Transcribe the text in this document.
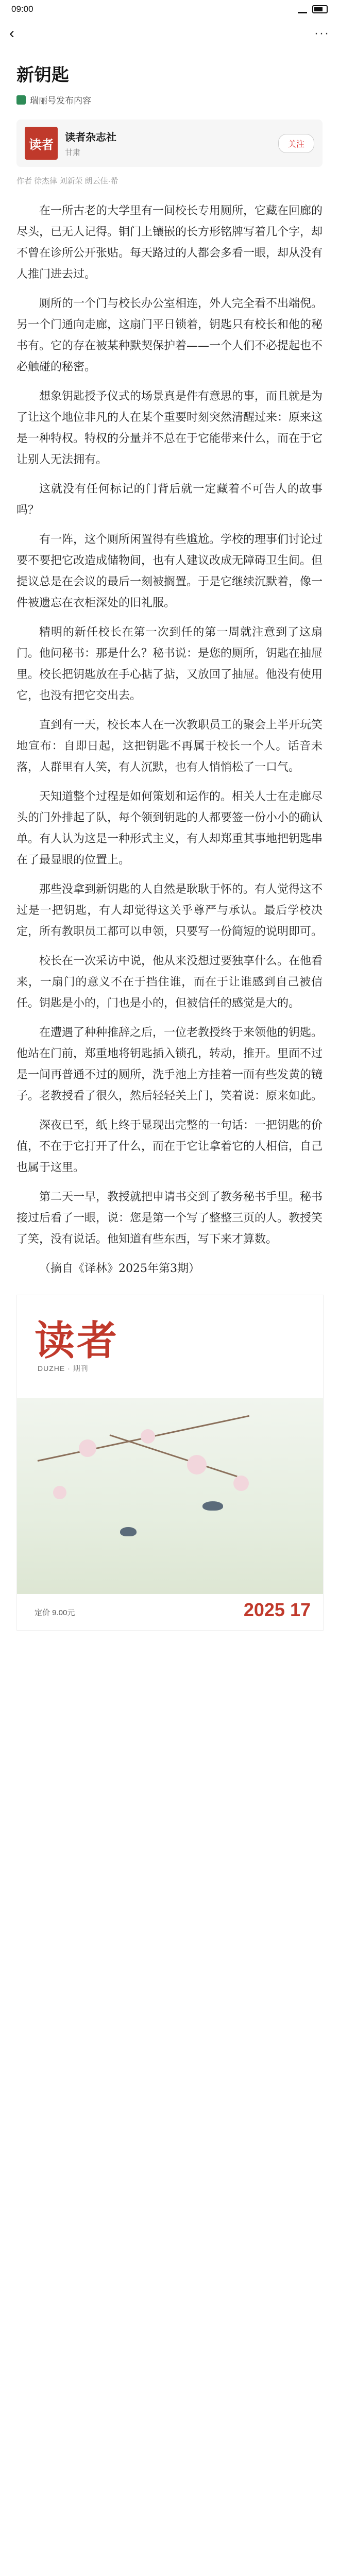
09:00
‹	···
新钥匙
瑞丽号发布内容
读者	读者杂志社
甘肃
关注
作者 徐杰律 刘新荣 朗云佳·希

在一所古老的大学里有一间校长专用厕所，它藏在回廊的尽头，已无人记得。铜门上镶嵌的长方形铭牌写着几个字，却不曾在诊所公开张贴。每天路过的人都会多看一眼，却从没有人推门进去过。

厕所的一个门与校长办公室相连，外人完全看不出端倪。另一个门通向走廊，这扇门平日锁着，钥匙只有校长和他的秘书有。它的存在被某种默契保护着——一个人们不必提起也不必触碰的秘密。

想象钥匙授予仪式的场景真是件有意思的事，而且就是为了让这个地位非凡的人在某个重要时刻突然清醒过来：原来这是一种特权。特权的分量并不总在于它能带来什么，而在于它让别人无法拥有。

这就没有任何标记的门背后就一定藏着不可告人的故事吗？

有一阵，这个厕所闲置得有些尴尬。学校的理事们讨论过要不要把它改造成储物间，也有人建议改成无障碍卫生间。但提议总是在会议的最后一刻被搁置。于是它继续沉默着，像一件被遗忘在衣柜深处的旧礼服。

精明的新任校长在第一次到任的第一周就注意到了这扇门。他问秘书：那是什么？秘书说：是您的厕所，钥匙在抽屉里。校长把钥匙放在手心掂了掂，又放回了抽屉。他没有使用它，也没有把它交出去。

直到有一天，校长本人在一次教职员工的聚会上半开玩笑地宣布：自即日起，这把钥匙不再属于校长一个人。话音未落，人群里有人笑，有人沉默，也有人悄悄松了一口气。

天知道整个过程是如何策划和运作的。相关人士在走廊尽头的门外排起了队，每个领到钥匙的人都要签一份小小的确认单。有人认为这是一种形式主义，有人却郑重其事地把钥匙串在了最显眼的位置上。

那些没拿到新钥匙的人自然是耿耿于怀的。有人觉得这不过是一把钥匙，有人却觉得这关乎尊严与承认。最后学校决定，所有教职员工都可以申领，只要写一份简短的说明即可。

校长在一次采访中说，他从来没想过要独享什么。在他看来，一扇门的意义不在于挡住谁，而在于让谁感到自己被信任。钥匙是小的，门也是小的，但被信任的感觉是大的。

在遭遇了种种推辞之后，一位老教授终于来领他的钥匙。他站在门前，郑重地将钥匙插入锁孔，转动，推开。里面不过是一间再普通不过的厕所，洗手池上方挂着一面有些发黄的镜子。老教授看了很久，然后轻轻关上门，笑着说：原来如此。

深夜已至，纸上终于显现出完整的一句话：一把钥匙的价值，不在于它打开了什么，而在于它让拿着它的人相信，自己也属于这里。

第二天一早，教授就把申请书交到了教务秘书手里。秘书接过后看了一眼，说：您是第一个写了整整三页的人。教授笑了笑，没有说话。他知道有些东西，写下来才算数。

（摘自《译林》2025年第3期）
读者
DUZHE · 期刊
定价 9.00元	2025 17
